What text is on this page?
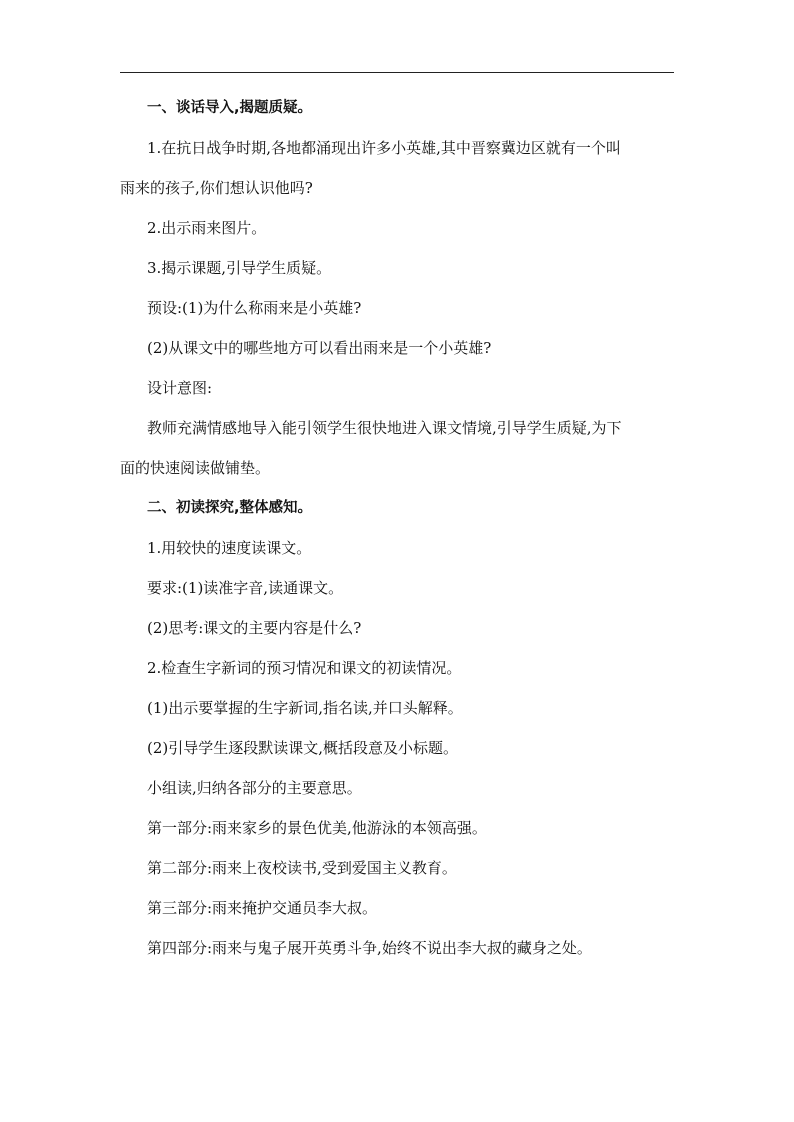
一、谈话导入,揭题质疑。

1.在抗日战争时期,各地都涌现出许多小英雄,其中晋察冀边区就有一个叫

雨来的孩子,你们想认识他吗?

2.出示雨来图片。

3.揭示课题,引导学生质疑。

预设:(1)为什么称雨来是小英雄?

(2)从课文中的哪些地方可以看出雨来是一个小英雄?

设计意图:

教师充满情感地导入能引领学生很快地进入课文情境,引导学生质疑,为下

面的快速阅读做铺垫。

二、初读探究,整体感知。

1.用较快的速度读课文。

要求:(1)读准字音,读通课文。

(2)思考:课文的主要内容是什么?

2.检查生字新词的预习情况和课文的初读情况。

(1)出示要掌握的生字新词,指名读,并口头解释。

(2)引导学生逐段默读课文,概括段意及小标题。

小组读,归纳各部分的主要意思。

第一部分:雨来家乡的景色优美,他游泳的本领高强。

第二部分:雨来上夜校读书,受到爱国主义教育。

第三部分:雨来掩护交通员李大叔。

第四部分:雨来与鬼子展开英勇斗争,始终不说出李大叔的藏身之处。
